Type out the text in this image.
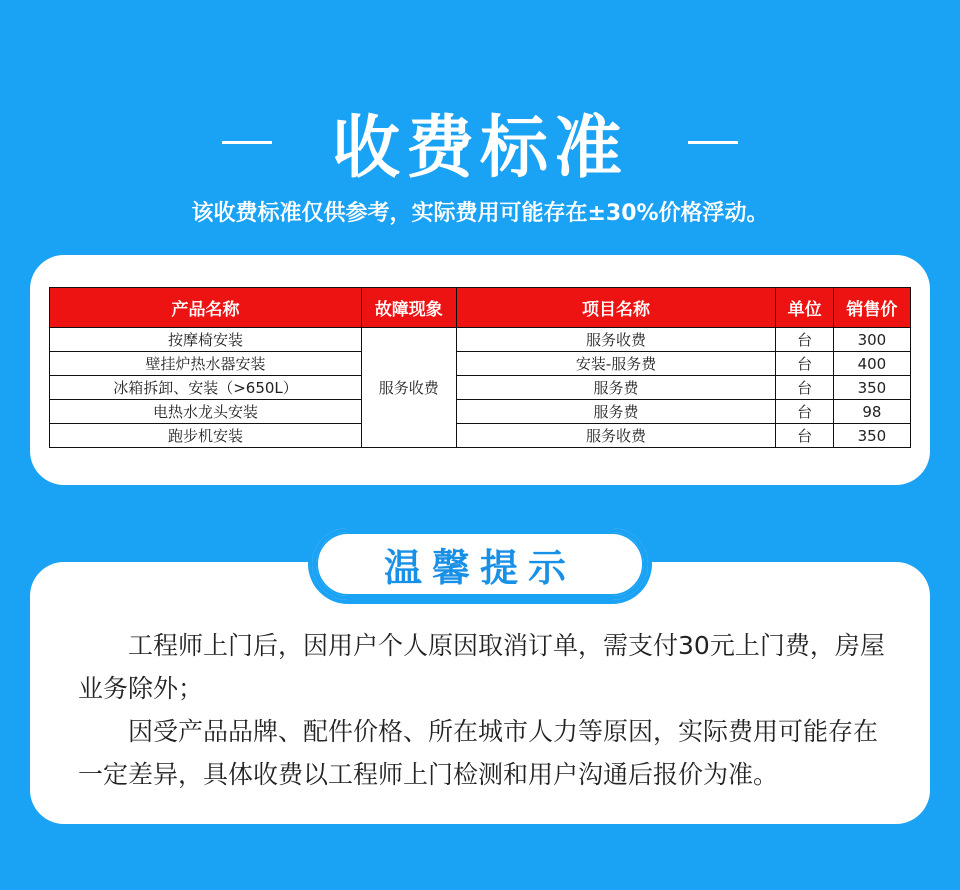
收费标准
该收费标准仅供参考，实际费用可能存在±30%价格浮动。
产品名称	故障现象	项目名称	单位	销售价
按摩椅安装	服务收费	服务收费	台	300
壁挂炉热水器安装		安装-服务费	台	400
冰箱拆卸、安装（>650L）		服务费	台	350
电热水龙头安装		服务费	台	98
跑步机安装		服务收费	台	350
温馨提示

工程师上门后，因用户个人原因取消订单，需支付30元上门费，房屋业务除外；

因受产品品牌、配件价格、所在城市人力等原因，实际费用可能存在一定差异，具体收费以工程师上门检测和用户沟通后报价为准。
